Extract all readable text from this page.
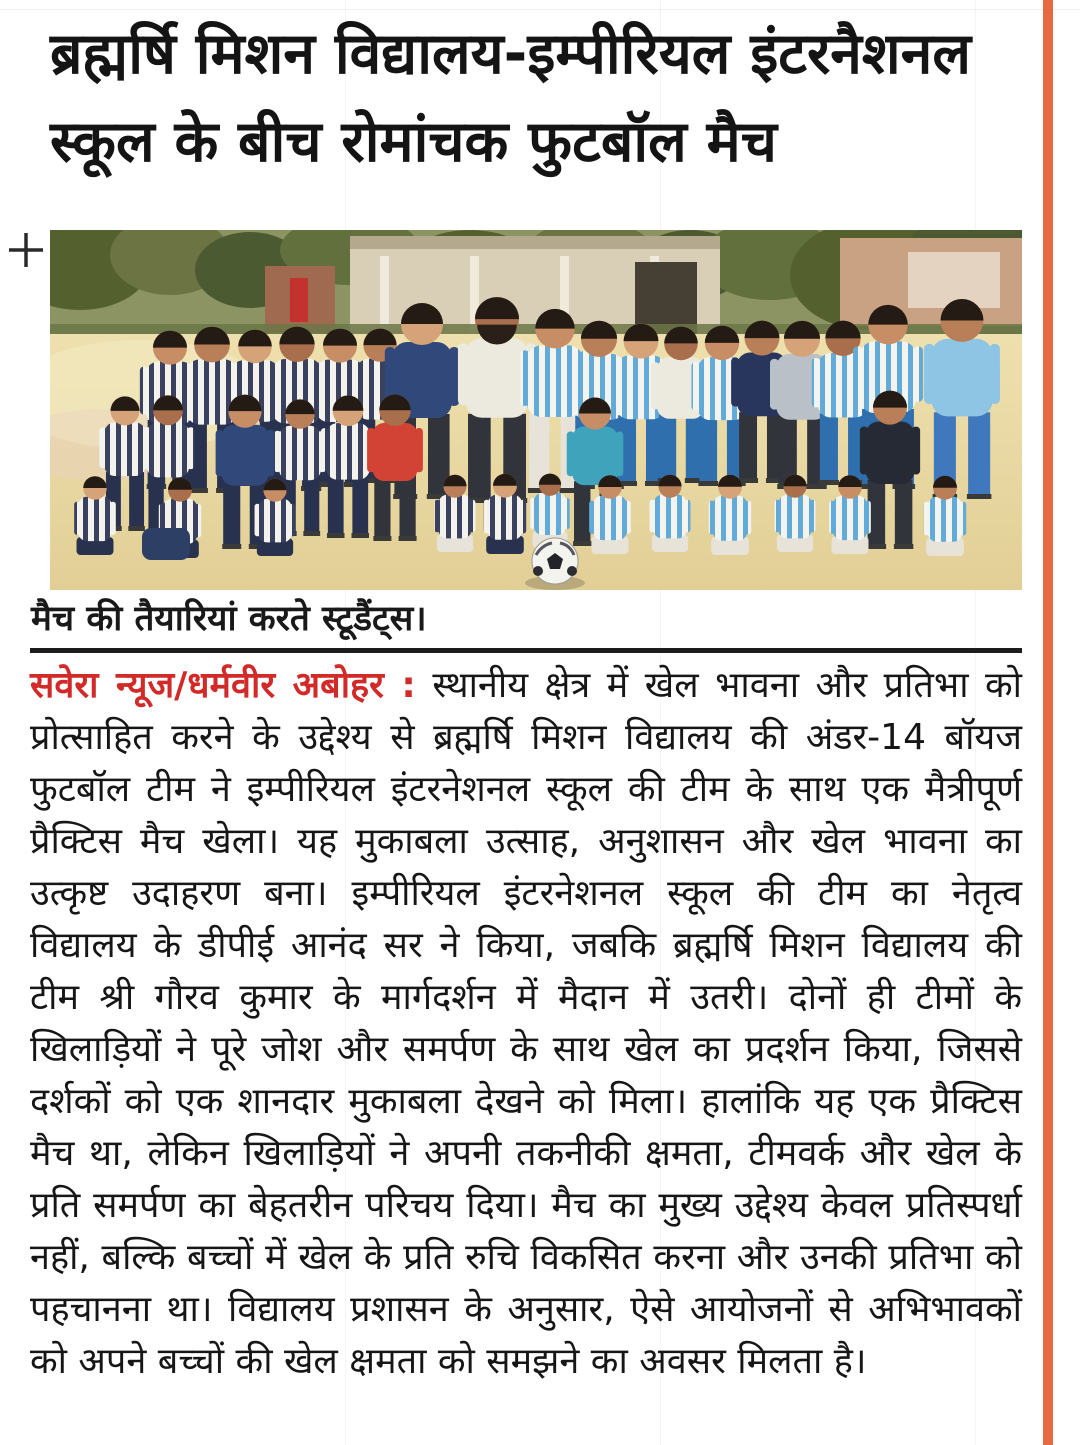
ब्रह्मर्षि मिशन विद्यालय-इम्पीरियल इंटरनैशनल स्कूल के बीच रोमांचक फुटबॉल मैच

मैच की तैयारियां करते स्टूडैंट्स।

सवेरा न्यूज/धर्मवीर अबोहर : स्थानीय क्षेत्र में खेल भावना और प्रतिभा को प्रोत्साहित करने के उद्देश्य से ब्रह्मर्षि मिशन विद्यालय की अंडर-14 बॉयज फुटबॉल टीम ने इम्पीरियल इंटरनेशनल स्कूल की टीम के साथ एक मैत्रीपूर्ण प्रैक्टिस मैच खेला। यह मुकाबला उत्साह, अनुशासन और खेल भावना का उत्कृष्ट उदाहरण बना। इम्पीरियल इंटरनेशनल स्कूल की टीम का नेतृत्व विद्यालय के डीपीई आनंद सर ने किया, जबकि ब्रह्मर्षि मिशन विद्यालय की टीम श्री गौरव कुमार के मार्गदर्शन में मैदान में उतरी। दोनों ही टीमों के खिलाड़ियों ने पूरे जोश और समर्पण के साथ खेल का प्रदर्शन किया, जिससे दर्शकों को एक शानदार मुकाबला देखने को मिला। हालांकि यह एक प्रैक्टिस मैच था, लेकिन खिलाड़ियों ने अपनी तकनीकी क्षमता, टीमवर्क और खेल के प्रति समर्पण का बेहतरीन परिचय दिया। मैच का मुख्य उद्देश्य केवल प्रतिस्पर्धा नहीं, बल्कि बच्चों में खेल के प्रति रुचि विकसित करना और उनकी प्रतिभा को पहचानना था। विद्यालय प्रशासन के अनुसार, ऐसे आयोजनों से अभिभावकों को अपने बच्चों की खेल क्षमता को समझने का अवसर मिलता है।
